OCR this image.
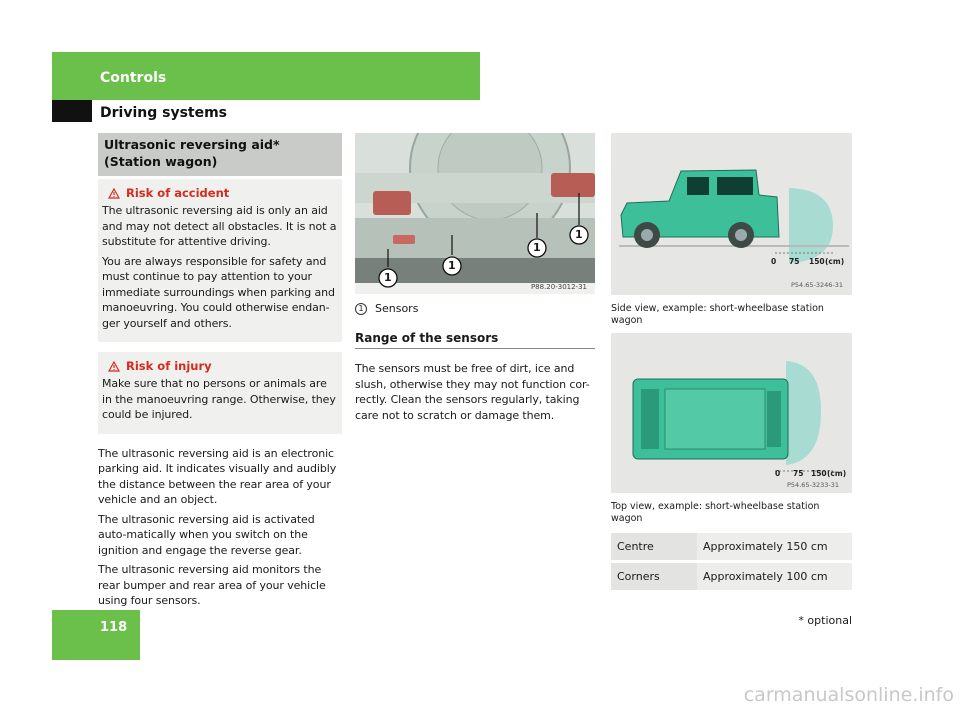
Controls
Driving systems
Ultrasonic reversing aid* (Station wagon)
Risk of accident

The ultrasonic reversing aid is only an aid and may not detect all obstacles. It is not a substitute for attentive driving.

You are always responsible for safety and must continue to pay attention to your immediate surroundings when parking and manoeuvring. You could otherwise endan-ger yourself and others.

Risk of injury

Make sure that no persons or animals are in the manoeuvring range. Otherwise, they could be injured.

The ultrasonic reversing aid is an electronic parking aid. It indicates visually and audibly the distance between the rear area of your vehicle and an object.

The ultrasonic reversing aid is activated auto-matically when you switch on the ignition and engage the reverse gear.

The ultrasonic reversing aid monitors the rear bumper and rear area of your vehicle using four sensors.

1
1
1
1
P88.20-3012-31
1	Sensors
Range of the sensors

The sensors must be free of dirt, ice and slush, otherwise they may not function cor-rectly. Clean the sensors regularly, taking care not to scratch or damage them.

0 75 150 (cm)
P54.65-3246-31

Side view, example: short-wheelbase station wagon

0 75 150 (cm)
P54.65-3233-31

Top view, example: short-wheelbase station wagon

Centre	Approximately 150 cm
Corners	Approximately 100 cm
118	* optional
carmanualsonline.info
